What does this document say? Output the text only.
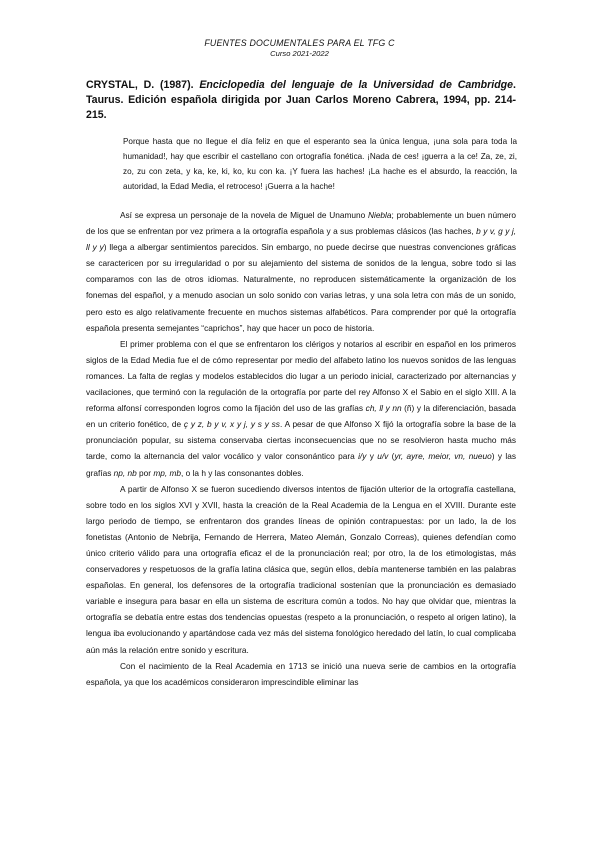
FUENTES DOCUMENTALES PARA EL TFG C
Curso 2021-2022
CRYSTAL, D. (1987). Enciclopedia del lenguaje de la Universidad de Cambridge. Taurus. Edición española dirigida por Juan Carlos Moreno Cabrera, 1994, pp. 214-215.
Porque hasta que no llegue el día feliz en que el esperanto sea la única lengua, ¡una sola para toda la humanidad!, hay que escribir el castellano con ortografía fonética. ¡Nada de ces! ¡guerra a la ce! Za, ze, zi, zo, zu con zeta, y ka, ke, ki, ko, ku con ka. ¡Y fuera las haches! ¡La hache es el absurdo, la reacción, la autoridad, la Edad Media, el retroceso! ¡Guerra a la hache!

Así se expresa un personaje de la novela de Miguel de Unamuno Niebla; probablemente un buen número de los que se enfrentan por vez primera a la ortografía española y a sus problemas clásicos (las haches, b y v, g y j, ll y y) llega a albergar sentimientos parecidos. Sin embargo, no puede decirse que nuestras convenciones gráficas se caractericen por su irregularidad o por su alejamiento del sistema de sonidos de la lengua, sobre todo si las comparamos con las de otros idiomas. Naturalmente, no reproducen sistemáticamente la organización de los fonemas del español, y a menudo asocian un solo sonido con varias letras, y una sola letra con más de un sonido, pero esto es algo relativamente frecuente en muchos sistemas alfabéticos. Para comprender por qué la ortografía española presenta semejantes “caprichos”, hay que hacer un poco de historia.

El primer problema con el que se enfrentaron los clérigos y notarios al escribir en español en los primeros siglos de la Edad Media fue el de cómo representar por medio del alfabeto latino los nuevos sonidos de las lenguas romances. La falta de reglas y modelos establecidos dio lugar a un periodo inicial, caracterizado por alternancias y vacilaciones, que terminó con la regulación de la ortografía por parte del rey Alfonso X el Sabio en el siglo XIII. A la reforma alfonsí corresponden logros como la fijación del uso de las grafías ch, ll y nn (ñ) y la diferenciación, basada en un criterio fonético, de ç y z, b y v, x y j, y s y ss. A pesar de que Alfonso X fijó la ortografía sobre la base de la pronunciación popular, su sistema conservaba ciertas inconsecuencias que no se resolvieron hasta mucho más tarde, como la alternancia del valor vocálico y valor consonántico para i/y y u/v (yr, ayre, meior, vn, nueuo) y las grafías np, nb por mp, mb, o la h y las consonantes dobles.

A partir de Alfonso X se fueron sucediendo diversos intentos de fijación ulterior de la ortografía castellana, sobre todo en los siglos XVI y XVII, hasta la creación de la Real Academia de la Lengua en el XVIII. Durante este largo periodo de tiempo, se enfrentaron dos grandes líneas de opinión contrapuestas: por un lado, la de los fonetistas (Antonio de Nebrija, Fernando de Herrera, Mateo Alemán, Gonzalo Correas), quienes defendían como único criterio válido para una ortografía eficaz el de la pronunciación real; por otro, la de los etimologistas, más conservadores y respetuosos de la grafía latina clásica que, según ellos, debía mantenerse también en las palabras españolas. En general, los defensores de la ortografía tradicional sostenían que la pronunciación es demasiado variable e insegura para basar en ella un sistema de escritura común a todos. No hay que olvidar que, mientras la ortografía se debatía entre estas dos tendencias opuestas (respeto a la pronunciación, o respeto al origen latino), la lengua iba evolucionando y apartándose cada vez más del sistema fonológico heredado del latín, lo cual complicaba aún más la relación entre sonido y escritura.

Con el nacimiento de la Real Academia en 1713 se inició una nueva serie de cambios en la ortografía española, ya que los académicos consideraron imprescindible eliminar las
